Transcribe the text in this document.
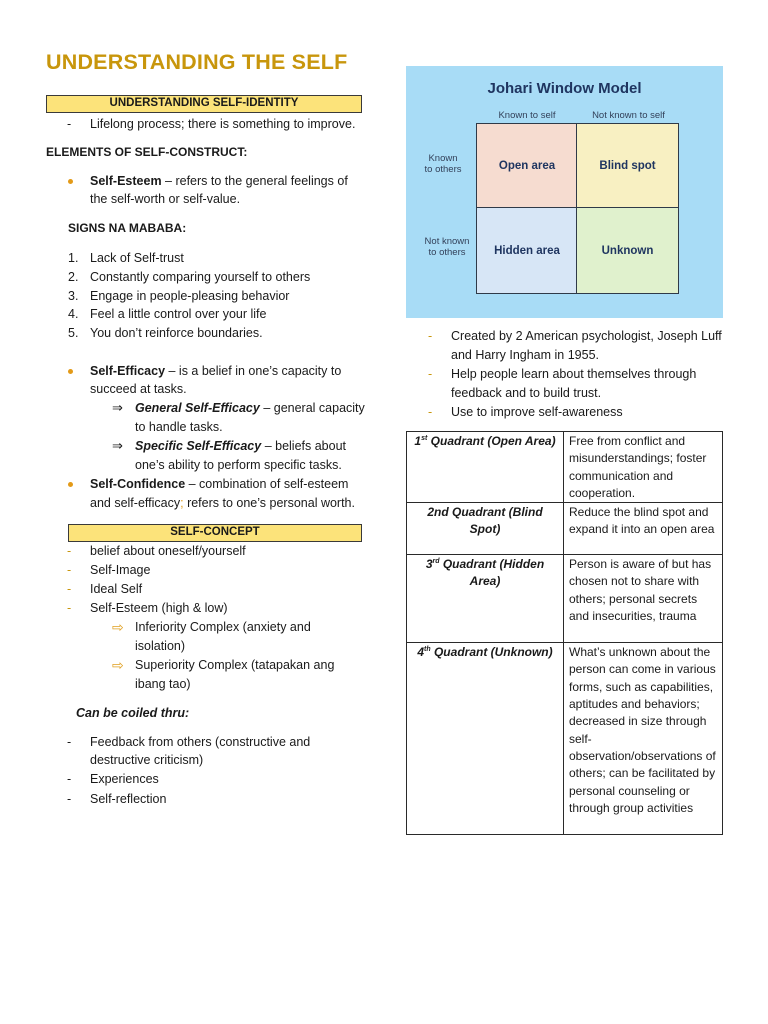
UNDERSTANDING THE SELF
UNDERSTANDING SELF-IDENTITY
- Lifelong process; there is something to improve.
ELEMENTS OF SELF-CONSTRUCT:
Self-Esteem – refers to the general feelings of
the self-worth or self-value.
SIGNS NA MABABA:
1. Lack of Self-trust
2. Constantly comparing yourself to others
3. Engage in people-pleasing behavior
4. Feel a little control over your life
5. You don’t reinforce boundaries.
Self-Efficacy – is a belief in one’s capacity to
succeed at tasks.
⇒ General Self-Efficacy – general capacity
to handle tasks.
⇒ Specific Self-Efficacy – beliefs about
one’s ability to perform specific tasks.
Self-Confidence – combination of self-esteem
and self-efficacy; refers to one’s personal worth.
SELF-CONCEPT
- belief about oneself/yourself
- Self-Image
- Ideal Self
- Self-Esteem (high & low)
⇨ Inferiority Complex (anxiety and
isolation)
⇨ Superiority Complex (tatapakan ang
ibang tao)
Can be coiled thru:
- Feedback from others (constructive and
destructive criticism)
- Experiences
- Self-reflection
Johari Window Model
Known to self	Not known to self
Known
to others
Not known
to others
Open area	Blind spot
Hidden area	Unknown
- Created by 2 American psychologist, Joseph Luff
and Harry Ingham in 1955.
- Help people learn about themselves through
feedback and to build trust.
- Use to improve self-awareness
1st Quadrant (Open Area)	Free from conflict and misunderstandings; foster communication and cooperation.
2nd Quadrant (Blind Spot)	Reduce the blind spot and expand it into an open area
3rd Quadrant (Hidden Area)	Person is aware of but has chosen not to share with others; personal secrets and insecurities, trauma
4th Quadrant (Unknown)	What’s unknown about the person can come in various forms, such as capabilities, aptitudes and behaviors; decreased in size through self-observation/observations of others; can be facilitated by personal counseling or through group activities
